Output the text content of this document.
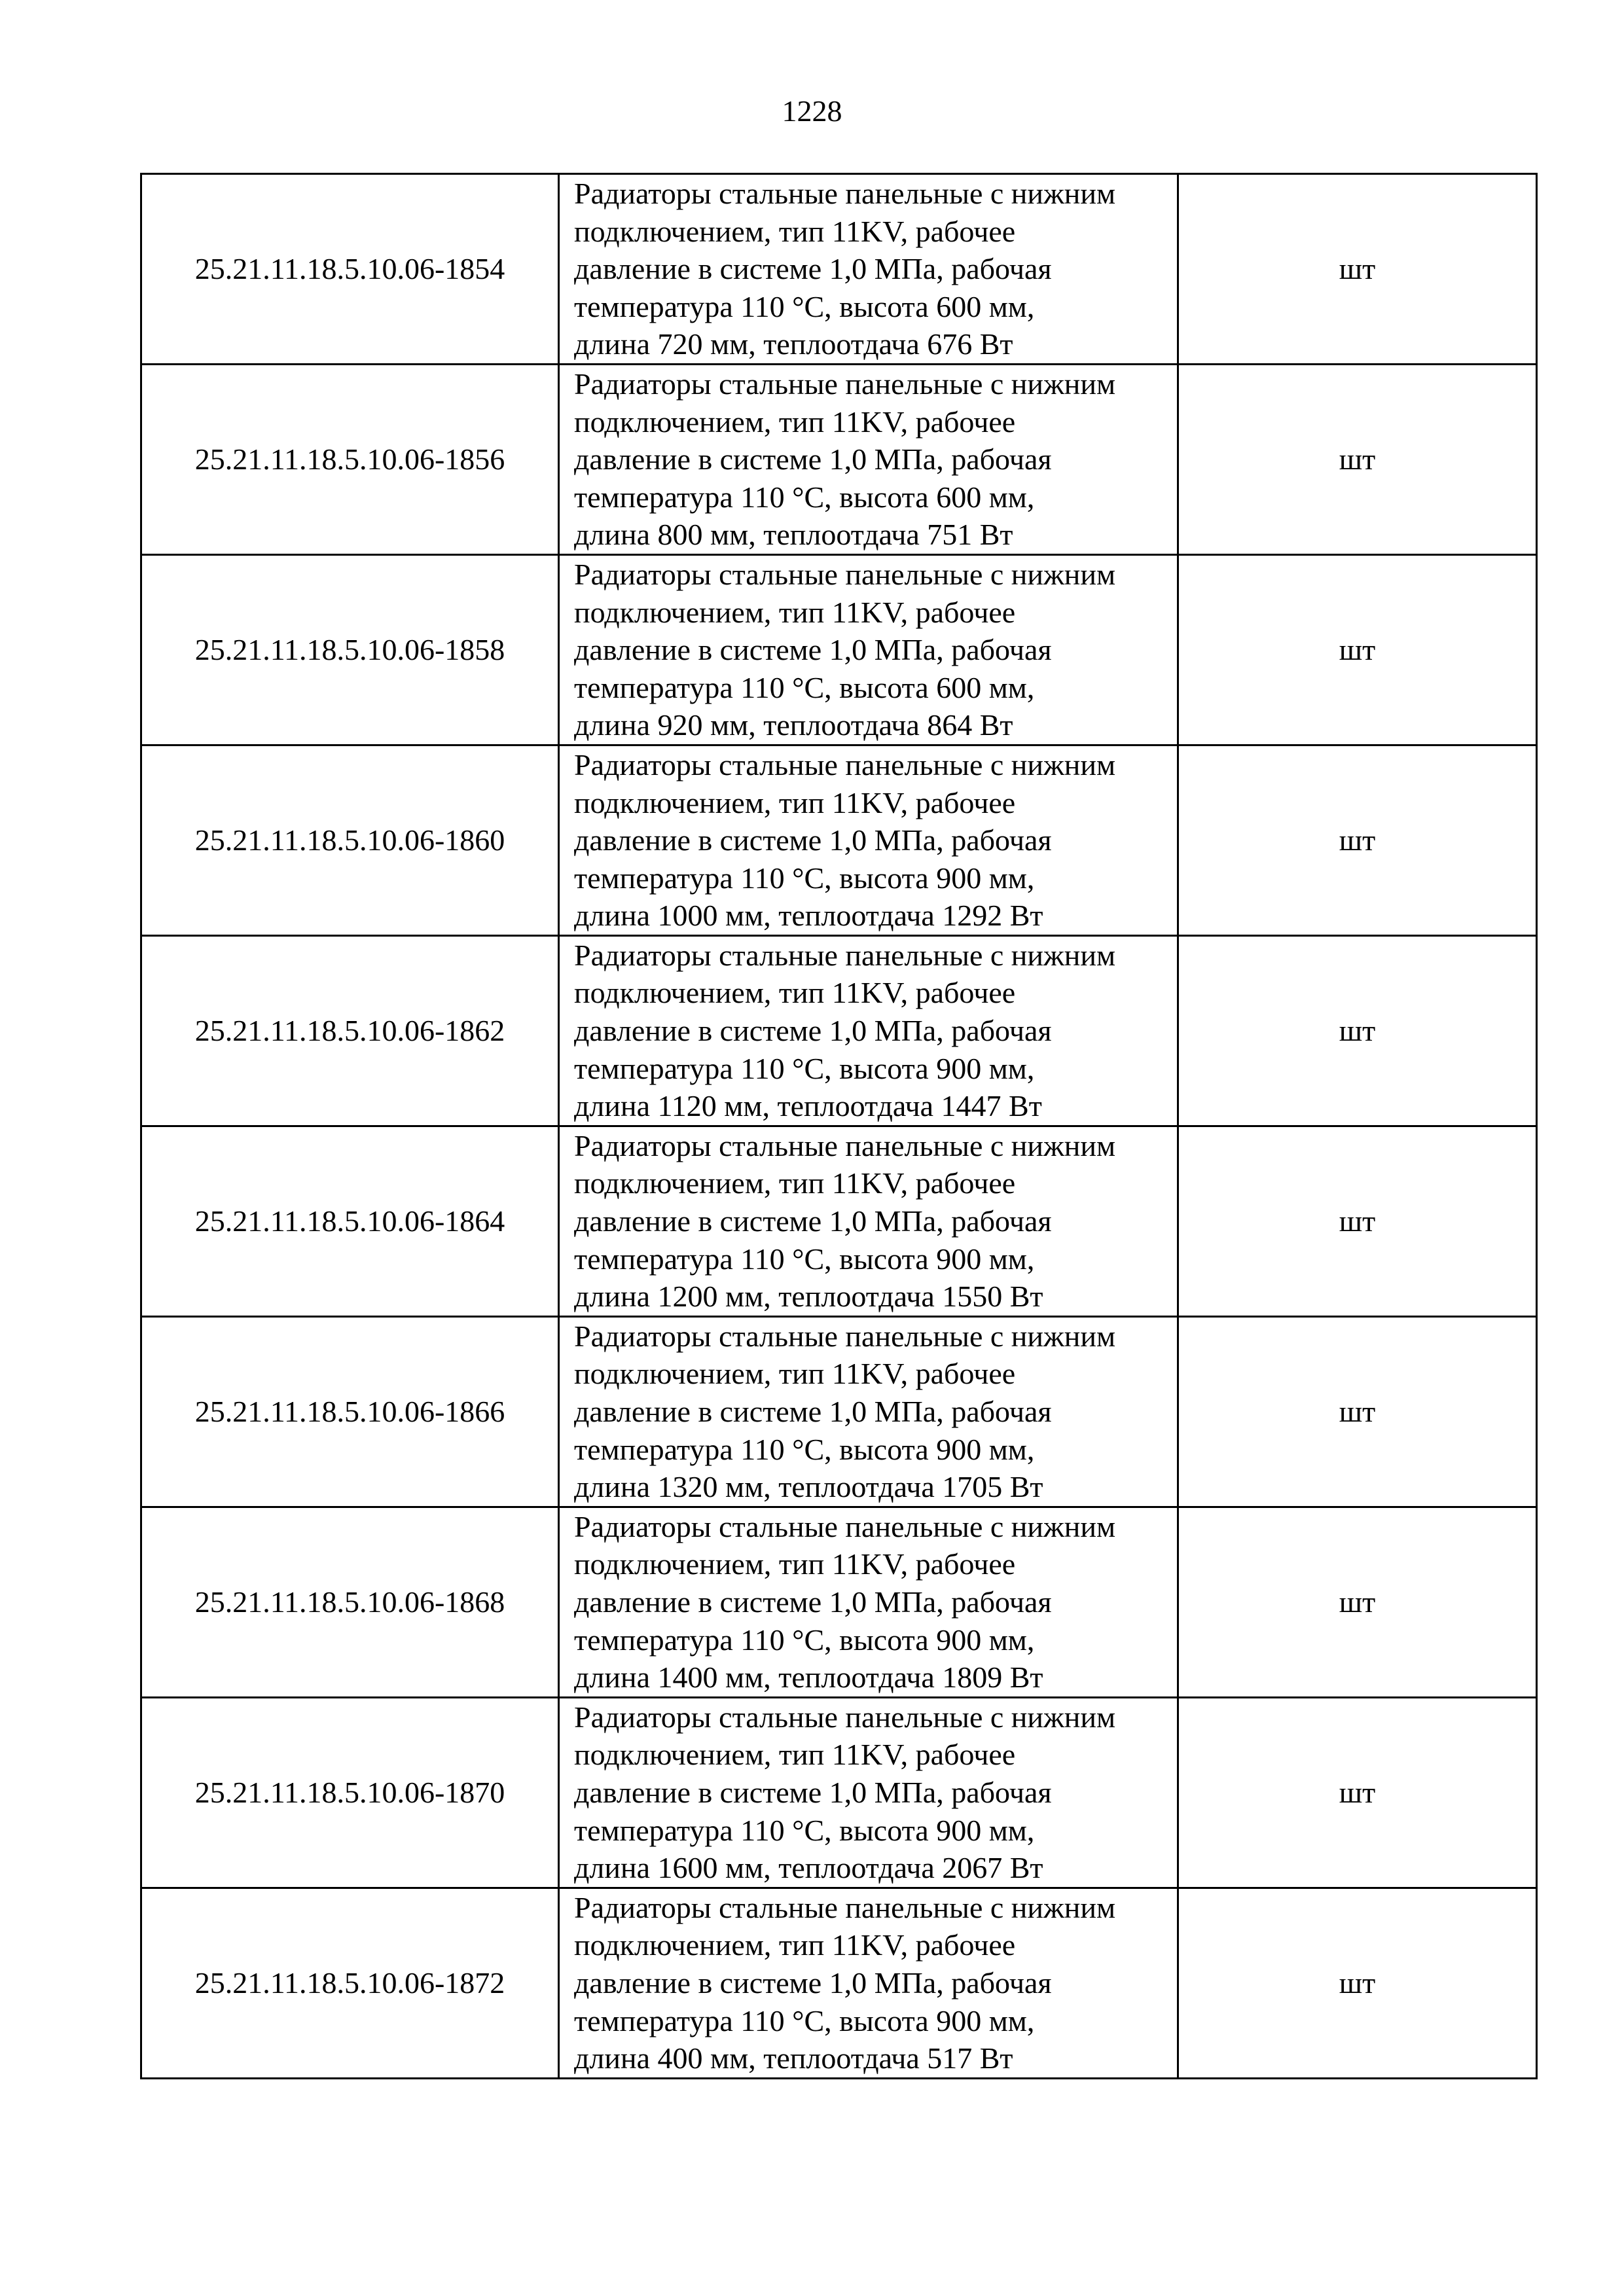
1228
25.21.11.18.5.10.06-1854	Радиаторы стальные панельные с нижним
подключением, тип 11KV, рабочее
давление в системе 1,0 МПа, рабочая
температура 110 °С, высота 600 мм,
длина 720 мм, теплоотдача 676 Вт	шт
25.21.11.18.5.10.06-1856	Радиаторы стальные панельные с нижним
подключением, тип 11KV, рабочее
давление в системе 1,0 МПа, рабочая
температура 110 °С, высота 600 мм,
длина 800 мм, теплоотдача 751 Вт	шт
25.21.11.18.5.10.06-1858	Радиаторы стальные панельные с нижним
подключением, тип 11KV, рабочее
давление в системе 1,0 МПа, рабочая
температура 110 °С, высота 600 мм,
длина 920 мм, теплоотдача 864 Вт	шт
25.21.11.18.5.10.06-1860	Радиаторы стальные панельные с нижним
подключением, тип 11KV, рабочее
давление в системе 1,0 МПа, рабочая
температура 110 °С, высота 900 мм,
длина 1000 мм, теплоотдача 1292 Вт	шт
25.21.11.18.5.10.06-1862	Радиаторы стальные панельные с нижним
подключением, тип 11KV, рабочее
давление в системе 1,0 МПа, рабочая
температура 110 °С, высота 900 мм,
длина 1120 мм, теплоотдача 1447 Вт	шт
25.21.11.18.5.10.06-1864	Радиаторы стальные панельные с нижним
подключением, тип 11KV, рабочее
давление в системе 1,0 МПа, рабочая
температура 110 °С, высота 900 мм,
длина 1200 мм, теплоотдача 1550 Вт	шт
25.21.11.18.5.10.06-1866	Радиаторы стальные панельные с нижним
подключением, тип 11KV, рабочее
давление в системе 1,0 МПа, рабочая
температура 110 °С, высота 900 мм,
длина 1320 мм, теплоотдача 1705 Вт	шт
25.21.11.18.5.10.06-1868	Радиаторы стальные панельные с нижним
подключением, тип 11KV, рабочее
давление в системе 1,0 МПа, рабочая
температура 110 °С, высота 900 мм,
длина 1400 мм, теплоотдача 1809 Вт	шт
25.21.11.18.5.10.06-1870	Радиаторы стальные панельные с нижним
подключением, тип 11KV, рабочее
давление в системе 1,0 МПа, рабочая
температура 110 °С, высота 900 мм,
длина 1600 мм, теплоотдача 2067 Вт	шт
25.21.11.18.5.10.06-1872	Радиаторы стальные панельные с нижним
подключением, тип 11KV, рабочее
давление в системе 1,0 МПа, рабочая
температура 110 °С, высота 900 мм,
длина 400 мм, теплоотдача 517 Вт	шт
